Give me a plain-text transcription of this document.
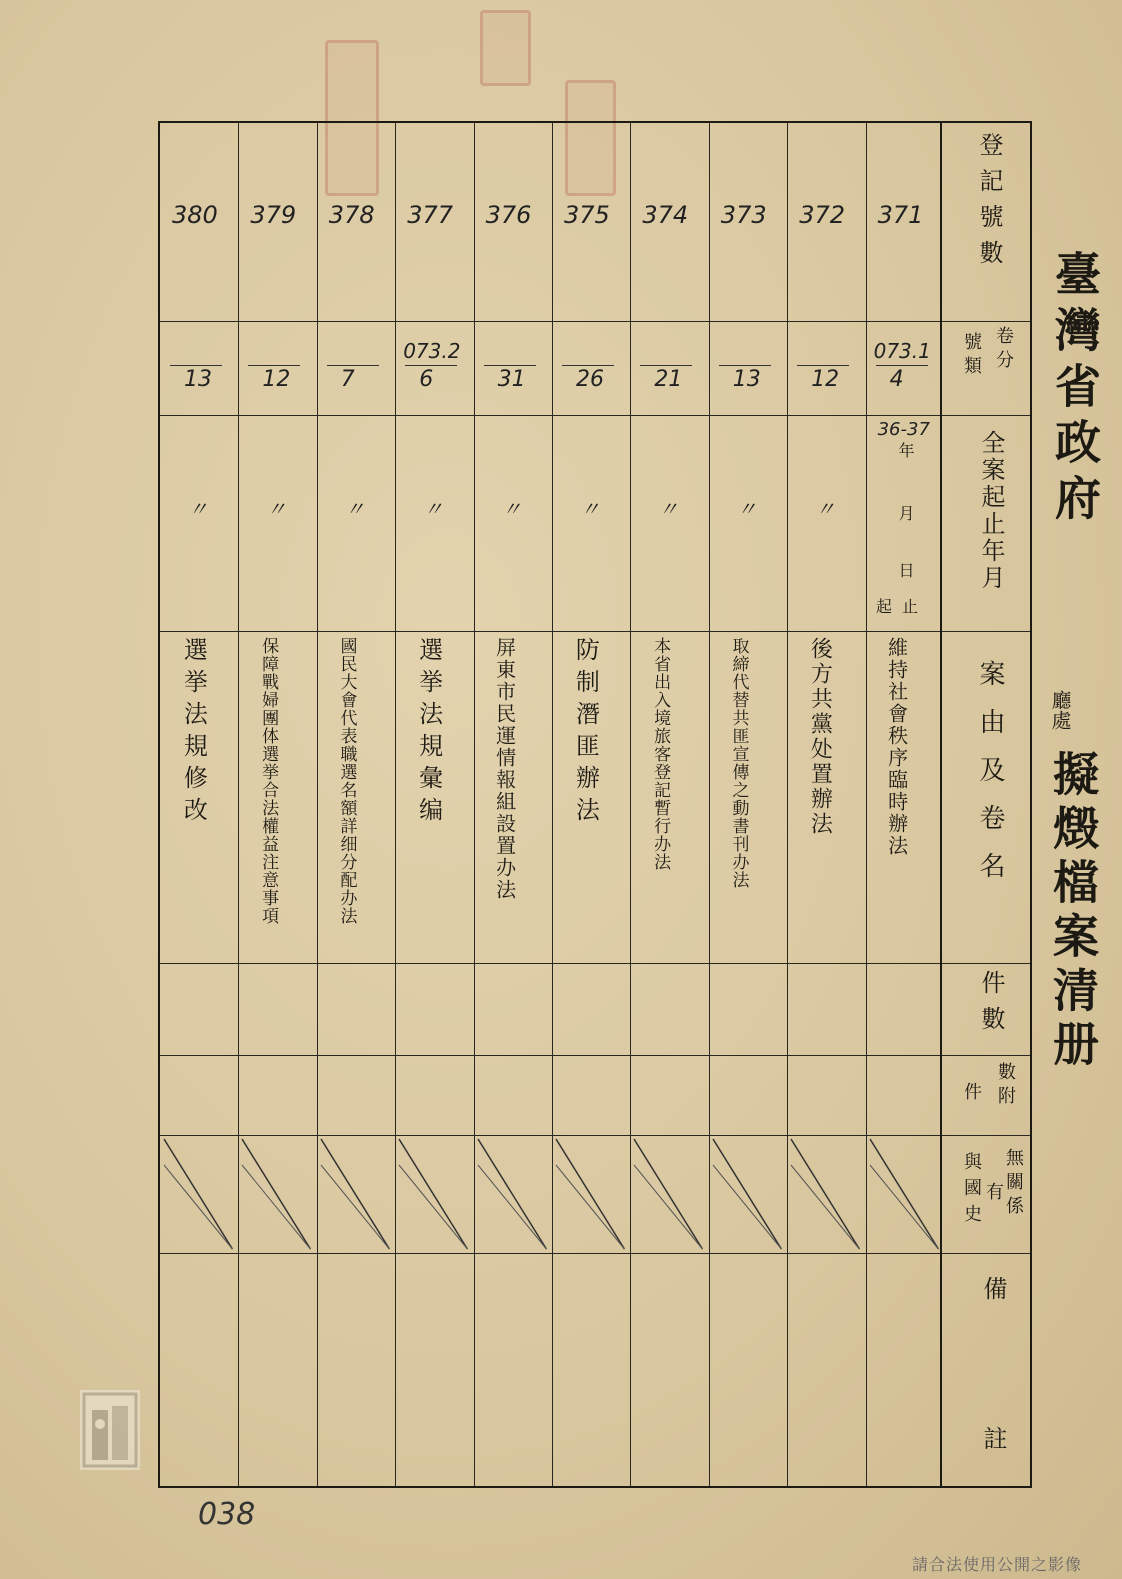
登記號數
卷分
號類
全案起止年月
案由及卷名
件數
數附
件
無關係
有
與國史
備
註
年
月
日
起止
臺灣省政府
廳處
擬燬檔案清册
038
請合法使用公開之影像
371
073.1
4
36-37
維持社會秩序臨時辦法
372
12
〃
後方共黨处置辦法
373
13
〃
取締代替共匪宣傳之動書刊办法
374
21
〃
本省出入境旅客登記暫行办法
375
26
〃
防制潛匪辦法
376
31
〃
屏東市民運情報組設置办法
377
073.2
6
〃
選挙法規彙编
378
7
〃
國民大會代表職選名額詳细分配办法
379
12
〃
保障戰婦團体選挙合法權益注意事項
380
13
〃
選挙法規修改
